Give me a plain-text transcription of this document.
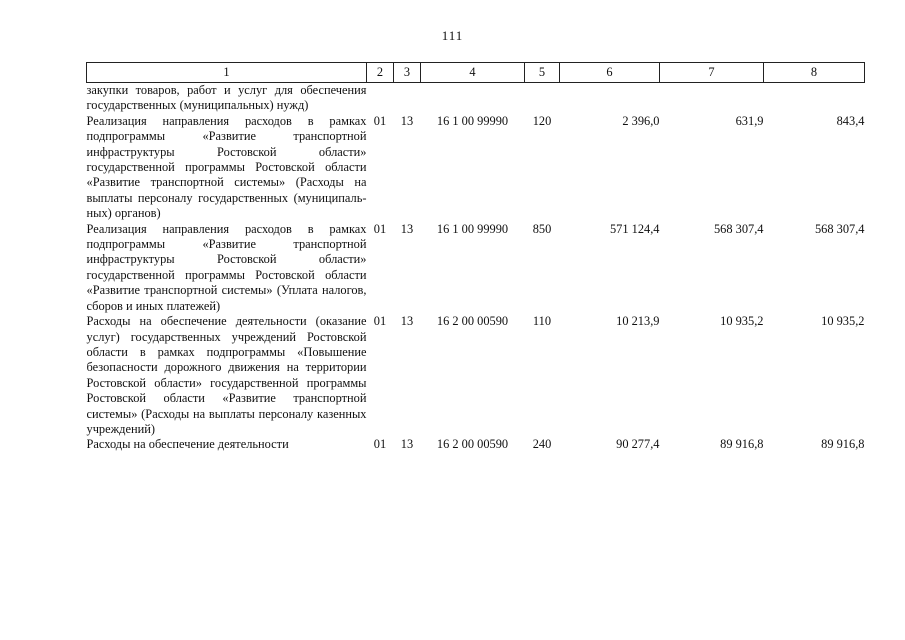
111
1	2	3	4	5	6	7	8
закупки товаров, работ и услуг для обеспечения государственных (муниципальных) нужд)							
Реализация направления расходов в рамках подпрограммы «Развитие транспортной инфраструктуры Ростовской области» государственной программы Ростовской области «Развитие транспортной системы» (Расходы на выплаты персоналу государственных (муниципальных) органов)	01	13	16 1 00 99990	120	2 396,0	631,9	843,4
Реализация направления расходов в рамках подпрограммы «Развитие транспортной инфраструктуры Ростовской области» государственной программы Ростовской области «Развитие транспортной системы» (Уплата налогов, сборов и иных платежей)	01	13	16 1 00 99990	850	571 124,4	568 307,4	568 307,4
Расходы на обеспечение деятельности (оказание услуг) государственных учреждений Ростовской области в рамках подпрограммы «Повышение безопасности дорожного движения на территории Ростовской области» государственной программы Ростовской области «Развитие транспортной системы» (Расходы на выплаты персоналу казенных учреждений)	01	13	16 2 00 00590	110	10 213,9	10 935,2	10 935,2
Расходы на обеспечение деятельности	01	13	16 2 00 00590	240	90 277,4	89 916,8	89 916,8
